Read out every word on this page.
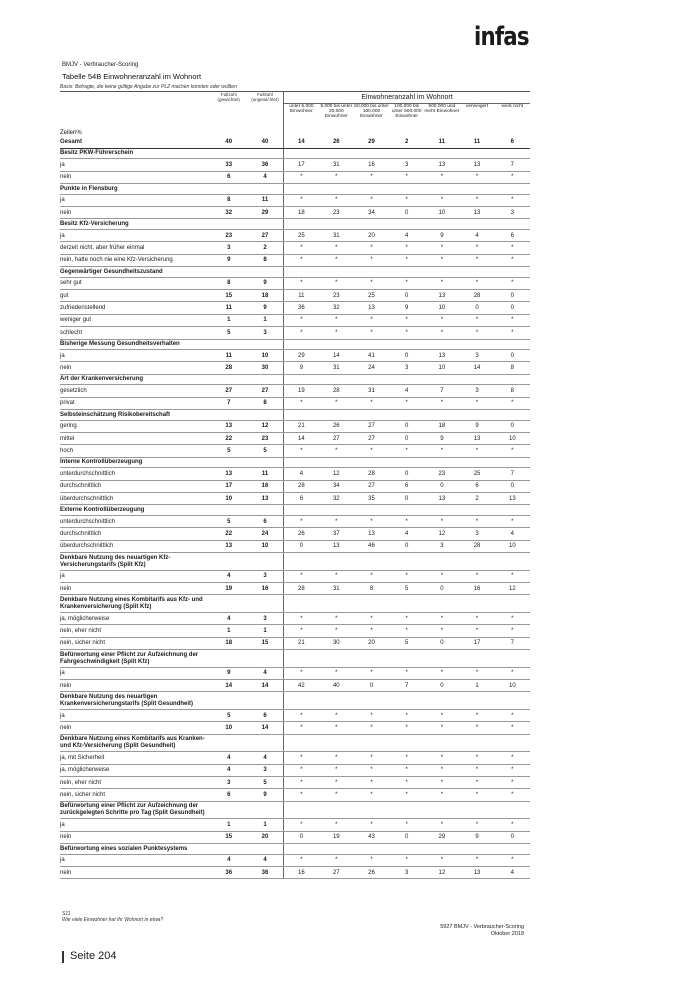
infas
BMJV - Verbraucher-Scoring
Tabelle 54B Einwohneranzahl im Wohnort
Basis: Befragte, die keine gültige Angabe zur PLZ machen konnten oder wollten
	Fallzahl (gewichtet)	Fallzahl (ungewichtet)	Einwohneranzahl im Wohnort						
Zeilen%			unter 5.000 Einwohner	5.000 bis unter 20.000 Einwohner	50.000 bis unter 100.000 Einwohner	100.000 bis unter 500.000 Einwohner	500.000 und mehr Einwohner	verweigert	weiß nicht
Gesamt	40	40	14	26	29	2	11	11	6
Besitz PKW-Führerschein									
ja	33	36	17	31	16	3	13	13	7
nein	6	4	*	*	*	*	*	*	*
Punkte in Flensburg									
ja	8	11	*	*	*	*	*	*	*
nein	32	29	18	23	34	0	10	13	3
Besitz Kfz-Versicherung									
ja	23	27	25	31	20	4	9	4	6
derzeit nicht, aber früher einmal	3	2	*	*	*	*	*	*	*
nein, hatte noch nie eine Kfz-Versicherung	9	8	*	*	*	*	*	*	*
Gegenwärtiger Gesundheitszustand									
sehr gut	8	9	*	*	*	*	*	*	*
gut	15	18	11	23	25	0	13	28	0
zufriedenstellend	11	9	36	32	13	9	10	0	0
weniger gut	1	1	*	*	*	*	*	*	*
schlecht	5	3	*	*	*	*	*	*	*
Bisherige Messung Gesundheitsverhalten									
ja	11	10	29	14	41	0	13	3	0
nein	28	30	9	31	24	3	10	14	8
Art der Krankenversicherung									
gesetzlich	27	27	19	28	31	4	7	3	8
privat	7	8	*	*	*	*	*	*	*
Selbsteinschätzung Risikobereitschaft									
gering	13	12	21	26	27	0	18	9	0
mittel	22	23	14	27	27	0	9	13	10
hoch	5	5	*	*	*	*	*	*	*
Interne Kontrollüberzeugung									
unterdurchschnittlich	13	11	4	12	28	0	23	25	7
durchschnittlich	17	16	28	34	27	6	0	6	0
überdurchschnittlich	10	13	6	32	35	0	13	2	13
Externe Kontrollüberzeugung									
unterdurchschnittlich	5	6	*	*	*	*	*	*	*
durchschnittlich	22	24	26	37	13	4	12	3	4
überdurchschnittlich	13	10	0	13	46	0	3	28	10
Denkbare Nutzung des neuartigen Kfz-Versicherungstarifs (Split Kfz)									
ja	4	3	*	*	*	*	*	*	*
nein	19	16	28	31	8	5	0	16	12
Denkbare Nutzung eines Kombitarifs aus Kfz- und Krankenversicherung (Split Kfz)									
ja, möglicherweise	4	3	*	*	*	*	*	*	*
nein, eher nicht	1	1	*	*	*	*	*	*	*
nein, sicher nicht	18	15	21	30	20	5	0	17	7
Befürwortung einer Pflicht zur Aufzeichnung der Fahrgeschwindigkeit (Split Kfz)									
ja	9	4	*	*	*	*	*	*	*
nein	14	14	42	40	0	7	0	1	10
Denkbare Nutzung des neuartigen Krankenversicherungstarifs (Split Gesundheit)									
ja	5	6	*	*	*	*	*	*	*
nein	10	14	*	*	*	*	*	*	*
Denkbare Nutzung eines Kombitarifs aus Kranken- und Kfz-Versicherung (Split Gesundheit)									
ja, mit Sicherheit	4	4	*	*	*	*	*	*	*
ja, möglicherweise	4	3	*	*	*	*	*	*	*
nein, eher nicht	3	5	*	*	*	*	*	*	*
nein, sicher nicht	6	9	*	*	*	*	*	*	*
Befürwortung einer Pflicht zur Aufzeichnung der zurückgelegten Schritte pro Tag (Split Gesundheit)									
ja	1	1	*	*	*	*	*	*	*
nein	15	20	0	19	43	0	29	9	0
Befürwortung eines sozialen Punktesystems									
ja	4	4	*	*	*	*	*	*	*
nein	36	36	16	27	26	3	12	13	4
S11
Wie viele Einwohner hat Ihr Wohnort in etwa?
5927 BMJV - Verbraucher-Scoring
Oktober 2018
Seite 204
